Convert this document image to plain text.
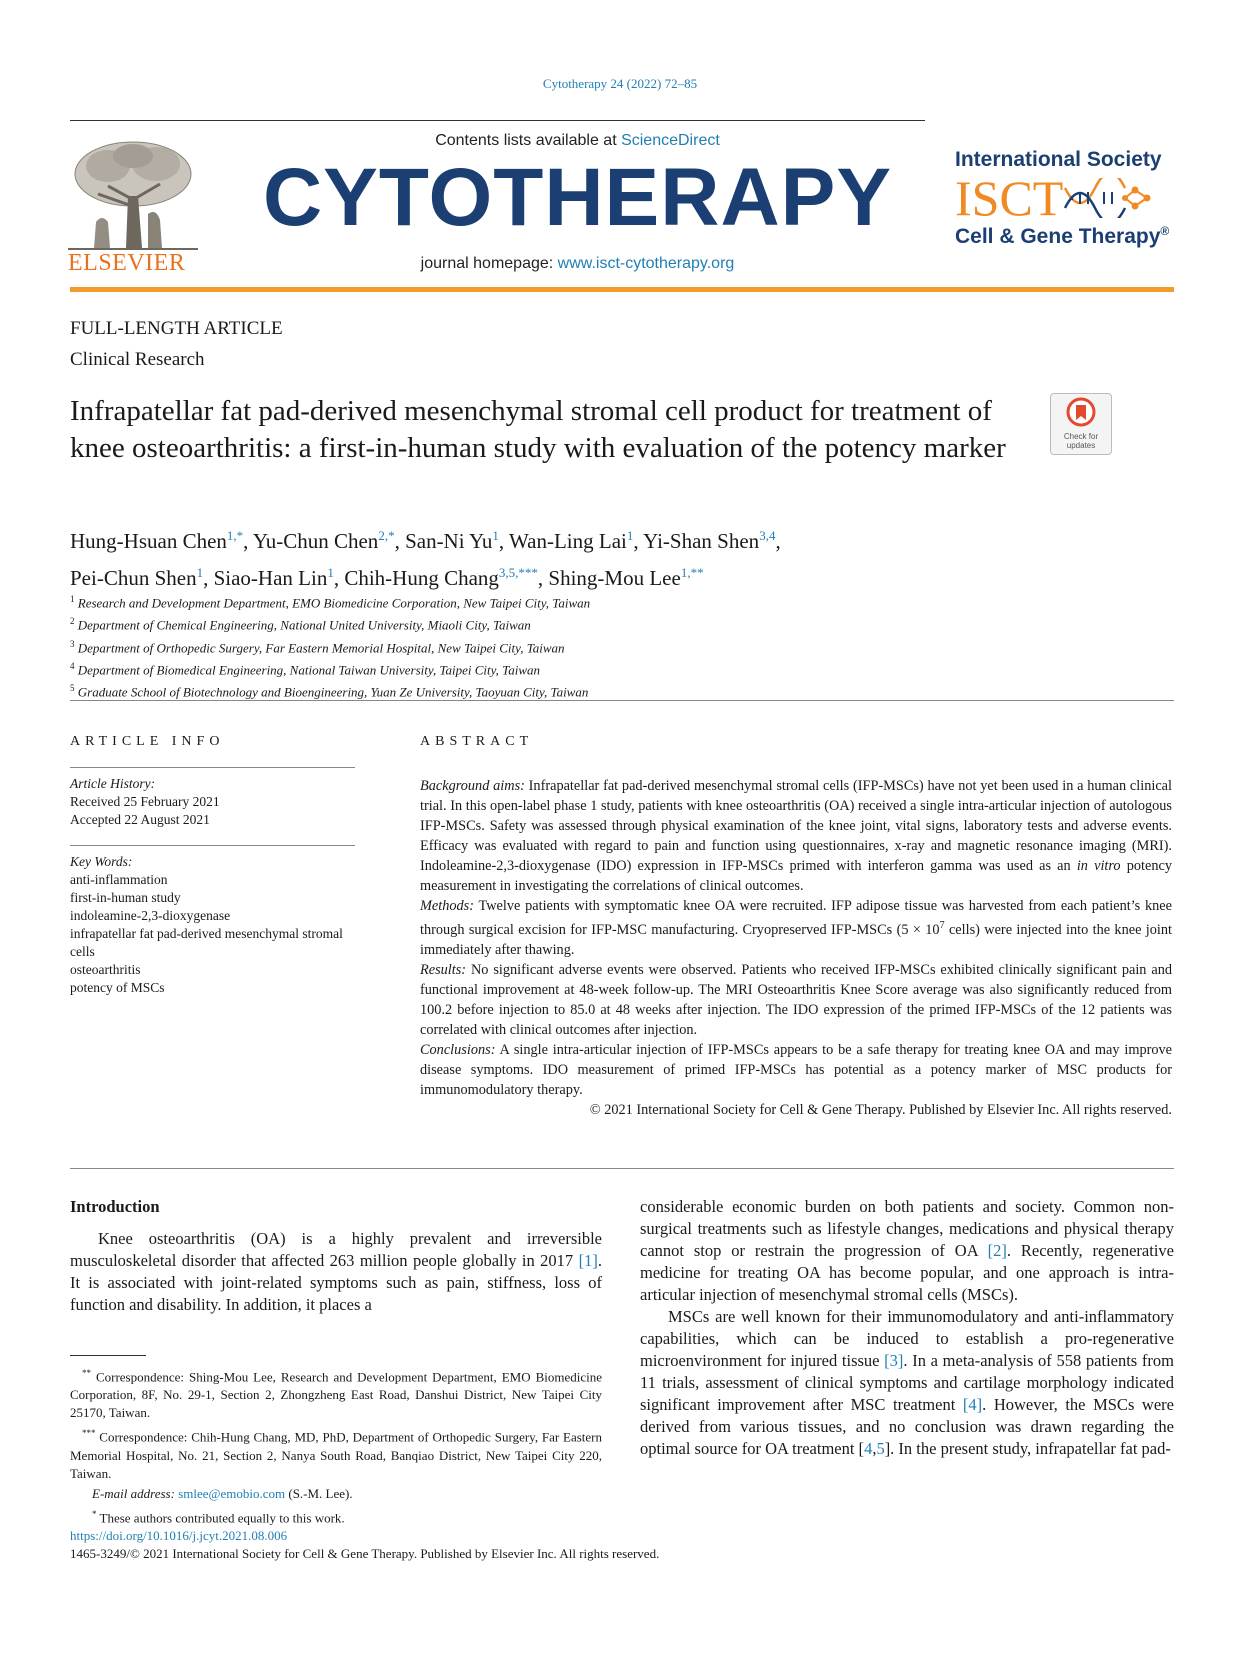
Cytotherapy 24 (2022) 72–85
ELSEVIER
Contents lists available at ScienceDirect
CYTOTHERAPY
journal homepage: www.isct-cytotherapy.org
International Society
ISCT
Cell & Gene Therapy®
FULL-LENGTH ARTICLE
Clinical Research
Infrapatellar fat pad-derived mesenchymal stromal cell product for treatment of knee osteoarthritis: a first-in-human study with evaluation of the potency marker	Check for updates
Hung-Hsuan Chen$^{1,*}$, Yu-Chun Chen$^{2,*}$, San-Ni Yu$^1$, Wan-Ling Lai$^1$, Yi-Shan Shen$^{3,4}$,
Pei-Chun Shen$^1$, Siao-Han Lin$^1$, Chih-Hung Chang$^{3,5,***}$, Shing-Mou Lee$^{1,**}$
$^1$ Research and Development Department, EMO Biomedicine Corporation, New Taipei City, Taiwan
$^2$ Department of Chemical Engineering, National United University, Miaoli City, Taiwan
$^3$ Department of Orthopedic Surgery, Far Eastern Memorial Hospital, New Taipei City, Taiwan
$^4$ Department of Biomedical Engineering, National Taiwan University, Taipei City, Taiwan
$^5$ Graduate School of Biotechnology and Bioengineering, Yuan Ze University, Taoyuan City, Taiwan
ARTICLE INFO
Article History:
Received 25 February 2021
Accepted 22 August 2021
Key Words:
anti-inflammation
first-in-human study
indoleamine-2,3-dioxygenase
infrapatellar fat pad-derived mesenchymal stromal cells
osteoarthritis
potency of MSCs
ABSTRACT

Background aims: Infrapatellar fat pad-derived mesenchymal stromal cells (IFP-MSCs) have not yet been used in a human clinical trial. In this open-label phase 1 study, patients with knee osteoarthritis (OA) received a single intra-articular injection of autologous IFP-MSCs. Safety was assessed through physical examination of the knee joint, vital signs, laboratory tests and adverse events. Efficacy was evaluated with regard to pain and function using questionnaires, x-ray and magnetic resonance imaging (MRI). Indoleamine-2,3-dioxygenase (IDO) expression in IFP-MSCs primed with interferon gamma was used as an in vitro potency measurement in investigating the correlations of clinical outcomes.

Methods: Twelve patients with symptomatic knee OA were recruited. IFP adipose tissue was harvested from each patient’s knee through surgical excision for IFP-MSC manufacturing. Cryopreserved IFP-MSCs ($5 \times 10^7$ cells) were injected into the knee joint immediately after thawing.

Results: No significant adverse events were observed. Patients who received IFP-MSCs exhibited clinically significant pain and functional improvement at 48-week follow-up. The MRI Osteoarthritis Knee Score average was also significantly reduced from 100.2 before injection to 85.0 at 48 weeks after injection. The IDO expression of the primed IFP-MSCs of the 12 patients was correlated with clinical outcomes after injection.

Conclusions: A single intra-articular injection of IFP-MSCs appears to be a safe therapy for treating knee OA and may improve disease symptoms. IDO measurement of primed IFP-MSCs has potential as a potency marker of MSC products for immunomodulatory therapy.

© 2021 International Society for Cell & Gene Therapy. Published by Elsevier Inc. All rights reserved.

Introduction

Knee osteoarthritis (OA) is a highly prevalent and irreversible musculoskeletal disorder that affected 263 million people globally in 2017 [1]. It is associated with joint-related symptoms such as pain, stiffness, loss of function and disability. In addition, it places a

considerable economic burden on both patients and society. Common non-surgical treatments such as lifestyle changes, medications and physical therapy cannot stop or restrain the progression of OA [2]. Recently, regenerative medicine for treating OA has become popular, and one approach is intra-articular injection of mesenchymal stromal cells (MSCs).

MSCs are well known for their immunomodulatory and anti-inflammatory capabilities, which can be induced to establish a pro-regenerative microenvironment for injured tissue [3]. In a meta-analysis of 558 patients from 11 trials, assessment of clinical symptoms and cartilage morphology indicated significant improvement after MSC treatment [4]. However, the MSCs were derived from various tissues, and no conclusion was drawn regarding the optimal source for OA treatment [4,5]. In the present study, infrapatellar fat pad-

** Correspondence: Shing-Mou Lee, Research and Development Department, EMO Biomedicine Corporation, 8F, No. 29-1, Section 2, Zhongzheng East Road, Danshui District, New Taipei City 25170, Taiwan.

*** Correspondence: Chih-Hung Chang, MD, PhD, Department of Orthopedic Surgery, Far Eastern Memorial Hospital, No. 21, Section 2, Nanya South Road, Banqiao District, New Taipei City 220, Taiwan.

E-mail address: smlee@emobio.com (S.-M. Lee).

* These authors contributed equally to this work.

https://doi.org/10.1016/j.jcyt.2021.08.006
1465-3249/© 2021 International Society for Cell & Gene Therapy. Published by Elsevier Inc. All rights reserved.
